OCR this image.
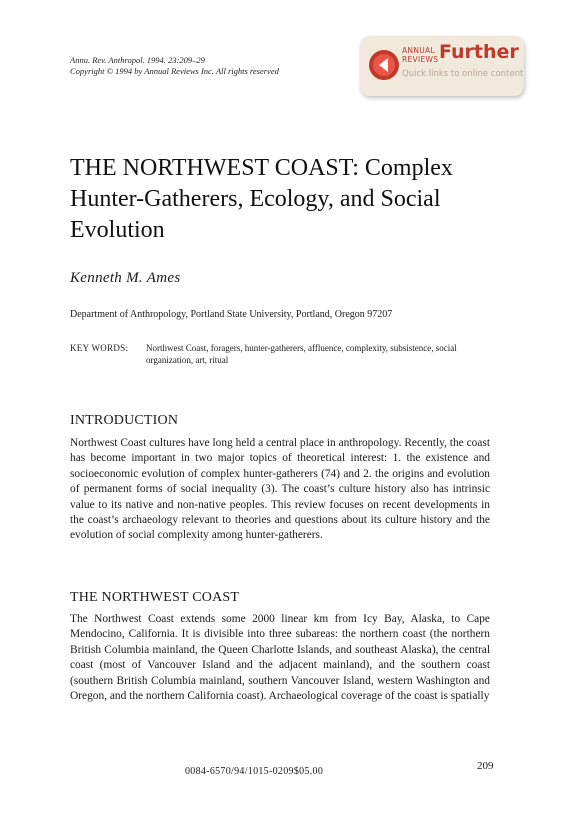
Annu. Rev. Anthropol. 1994. 23:209–29
Copyright © 1994 by Annual Reviews Inc. All rights reserved
ANNUAL
REVIEWS Further
Quick links to online content
THE NORTHWEST COAST: Complex Hunter-Gatherers, Ecology, and Social Evolution
Kenneth M. Ames
Department of Anthropology, Portland State University, Portland, Oregon 97207
KEY WORDS: Northwest Coast, foragers, hunter-gatherers, affluence, complexity, subsistence, social organization, art, ritual
INTRODUCTION

Northwest Coast cultures have long held a central place in anthropology. Recently, the coast has become important in two major topics of theoretical interest: 1. the existence and socioeconomic evolution of complex hunter-gatherers (74) and 2. the origins and evolution of permanent forms of social inequality (3). The coast’s culture history also has intrinsic value to its native and non-native peoples. This review focuses on recent developments in the coast’s archaeology relevant to theories and questions about its culture history and the evolution of social complexity among hunter-gatherers.

THE NORTHWEST COAST

The Northwest Coast extends some 2000 linear km from Icy Bay, Alaska, to Cape Mendocino, California. It is divisible into three subareas: the northern coast (the northern British Columbia mainland, the Queen Charlotte Islands, and southeast Alaska), the central coast (most of Vancouver Island and the adjacent mainland), and the southern coast (southern British Columbia mainland, southern Vancouver Island, western Washington and Oregon, and the northern California coast). Archaeological coverage of the coast is spatially

209
0084-6570/94/1015-0209$05.00
